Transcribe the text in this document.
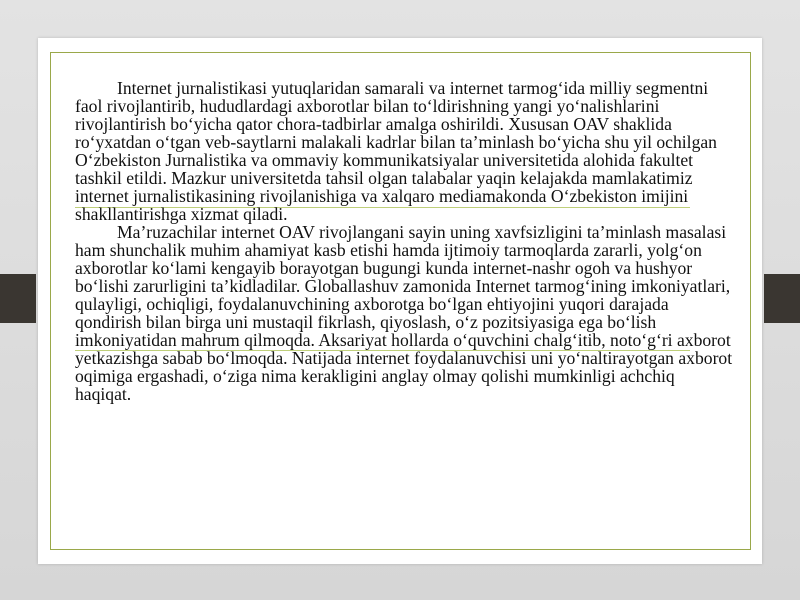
Internet jurnalistikasi yutuqlaridan samarali va internet tarmog‘ida milliy segmentni faol rivojlantirib, hududlardagi axborotlar bilan to‘ldirishning yangi yo‘nalishlarini rivojlantirish bo‘yicha qator chora-tadbirlar amalga oshirildi. Xususan OAV shaklida ro‘yxatdan o‘tgan veb-saytlarni malakali kadrlar bilan ta’minlash bo‘yicha shu yil ochilgan O‘zbekiston Jurnalistika va ommaviy kommunikatsiyalar universitetida alohida fakultet tashkil etildi. Mazkur universitetda tahsil olgan talabalar yaqin kelajakda mamlakatimiz internet jurnalistikasining rivojlanishiga va xalqaro mediamakonda O‘zbekiston imijini shakllantirishga xizmat qiladi.

Ma’ruzachilar internet OAV rivojlangani sayin uning xavfsizligini ta’minlash masalasi ham shunchalik muhim ahamiyat kasb etishi hamda ijtimoiy tarmoqlarda zararli, yolg‘on axborotlar ko‘lami kengayib borayotgan bugungi kunda internet-nashr ogoh va hushyor bo‘lishi zarurligini ta’kidladilar. Globallashuv zamonida Internet tarmog‘ining imkoniyatlari, qulayligi, ochiqligi, foydalanuvchining axborotga bo‘lgan ehtiyojini yuqori darajada qondirish bilan birga uni mustaqil fikrlash, qiyoslash, o‘z pozitsiyasiga ega bo‘lish imkoniyatidan mahrum qilmoqda. Aksariyat hollarda o‘quvchini chalg‘itib, noto‘g‘ri axborot yetkazishga sabab bo‘lmoqda. Natijada internet foydalanuvchisi uni yo‘naltirayotgan axborot oqimiga ergashadi, o‘ziga nima kerakligini anglay olmay qolishi mumkinligi achchiq haqiqat.
